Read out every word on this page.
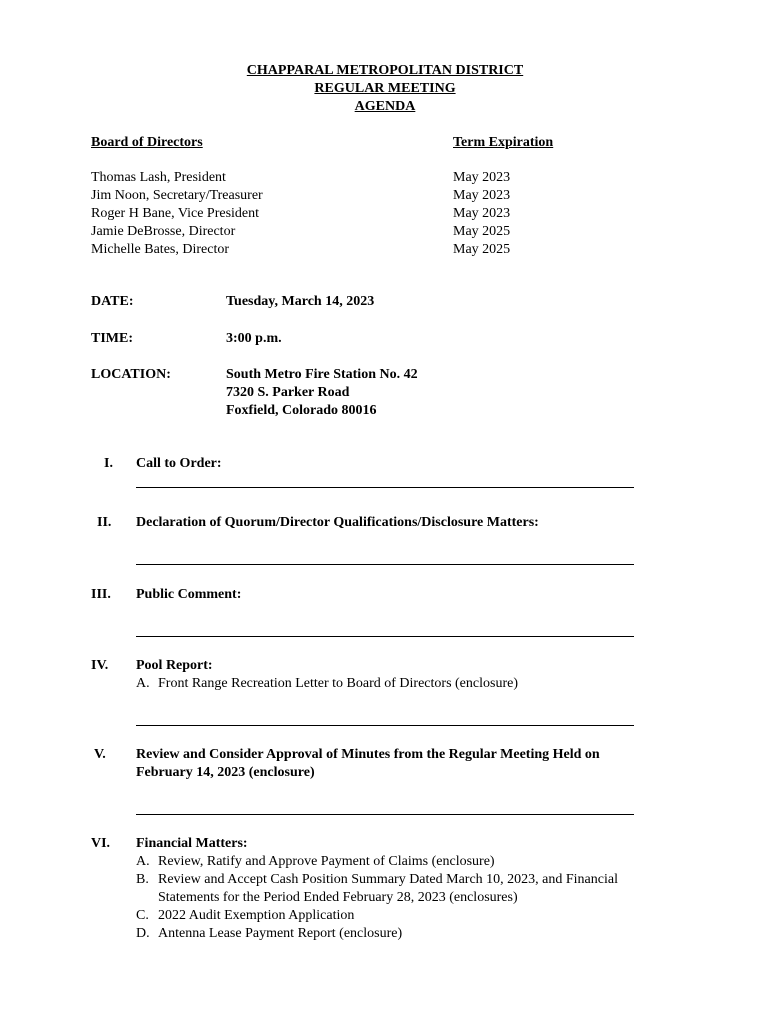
CHAPPARAL METROPOLITAN DISTRICT
REGULAR MEETING
AGENDA
Board of Directors	Term Expiration
Thomas Lash, President	May 2023
Jim Noon, Secretary/Treasurer	May 2023
Roger H Bane, Vice President	May 2023
Jamie DeBrosse, Director	May 2025
Michelle Bates, Director	May 2025
DATE:	Tuesday, March 14, 2023
TIME:	3:00 p.m.
LOCATION:	South Metro Fire Station No. 42
7320 S. Parker Road
Foxfield, Colorado 80016
I. Call to Order:
II. Declaration of Quorum/Director Qualifications/Disclosure Matters:
III. Public Comment:
IV. Pool Report:
A. Front Range Recreation Letter to Board of Directors (enclosure)
V. Review and Consider Approval of Minutes from the Regular Meeting Held on
February 14, 2023 (enclosure)
VI. Financial Matters:
A. Review, Ratify and Approve Payment of Claims (enclosure)
B. Review and Accept Cash Position Summary Dated March 10, 2023, and Financial
Statements for the Period Ended February 28, 2023 (enclosures)
C. 2022 Audit Exemption Application
D. Antenna Lease Payment Report (enclosure)
